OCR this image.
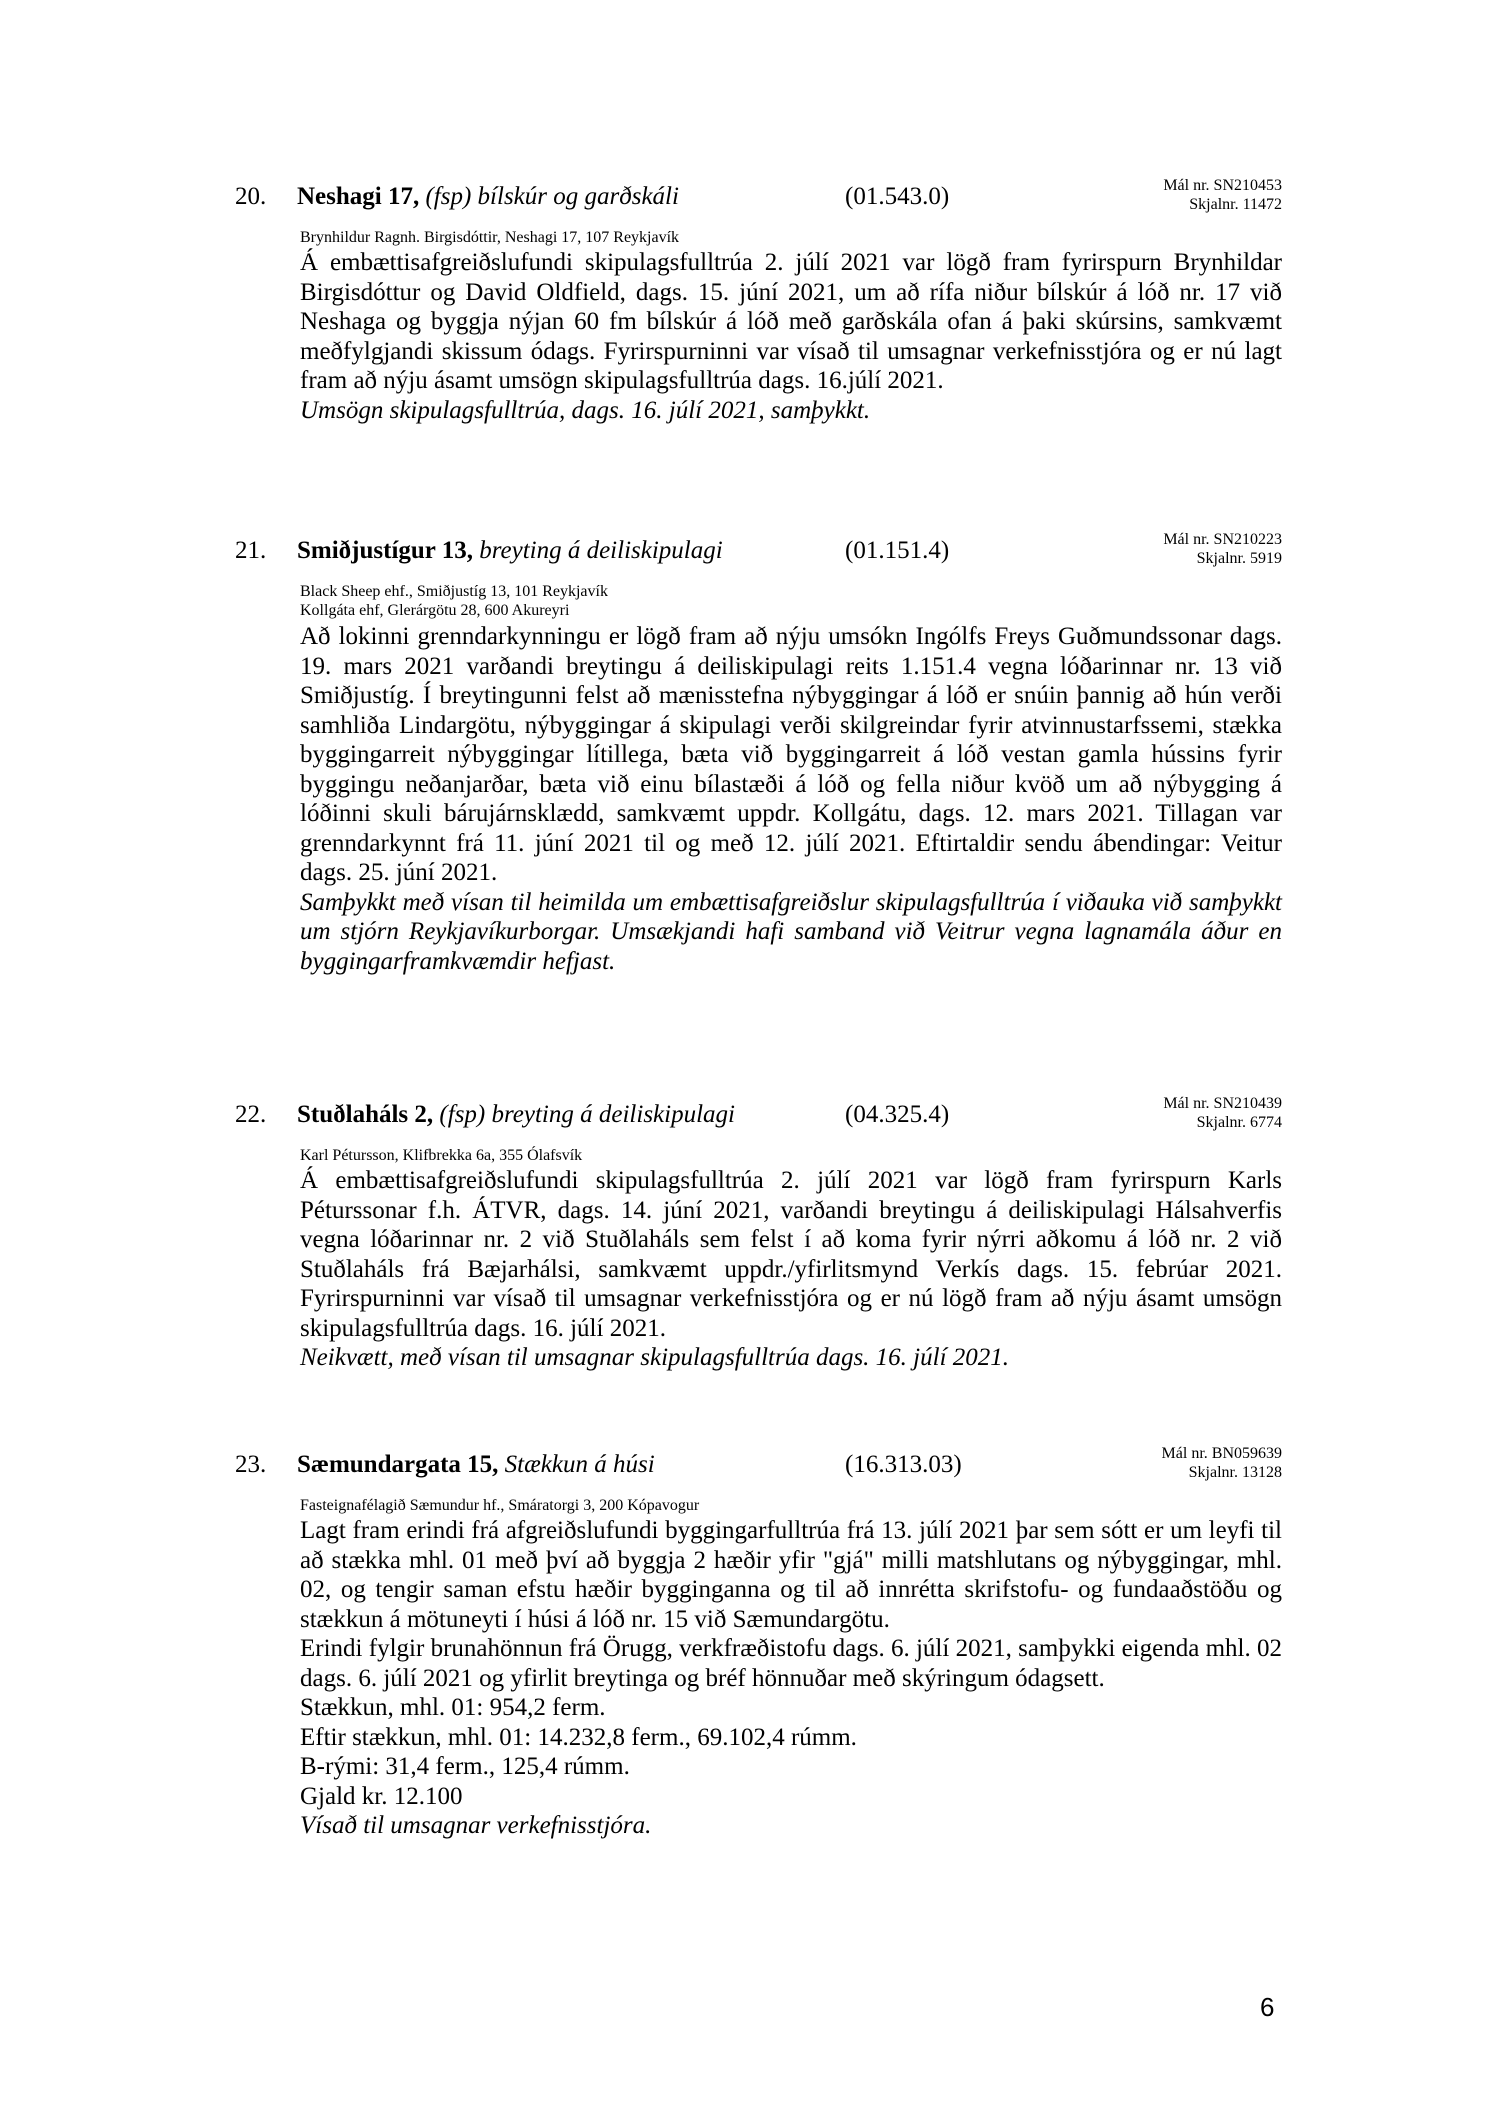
20. Neshagi 17, (fsp) bílskúr og garðskáli	(01.543.0)	Mál nr. SN210453
Skjalnr. 11472
Brynhildur Ragnh. Birgisdóttir, Neshagi 17, 107 Reykjavík

Á embættisafgreiðslufundi skipulagsfulltrúa 2. júlí 2021 var lögð fram fyrirspurn Brynhildar Birgisdóttur og David Oldfield, dags. 15. júní 2021, um að rífa niður bílskúr á lóð nr. 17 við Neshaga og byggja nýjan 60 fm bílskúr á lóð með garðskála ofan á þaki skúrsins, samkvæmt meðfylgjandi skissum ódags. Fyrirspurninni var vísað til umsagnar verkefnisstjóra og er nú lagt fram að nýju ásamt umsögn skipulagsfulltrúa dags. 16.júlí 2021.

Umsögn skipulagsfulltrúa, dags. 16. júlí 2021, samþykkt.

21. Smiðjustígur 13, breyting á deiliskipulagi	(01.151.4)	Mál nr. SN210223
Skjalnr. 5919
Black Sheep ehf., Smiðjustíg 13, 101 Reykjavík
Kollgáta ehf, Glerárgötu 28, 600 Akureyri

Að lokinni grenndarkynningu er lögð fram að nýju umsókn Ingólfs Freys Guðmundssonar dags. 19. mars 2021 varðandi breytingu á deiliskipulagi reits 1.151.4 vegna lóðarinnar nr. 13 við Smiðjustíg. Í breytingunni felst að mænisstefna nýbyggingar á lóð er snúin þannig að hún verði samhliða Lindargötu, nýbyggingar á skipulagi verði skilgreindar fyrir atvinnustarfssemi, stækka byggingarreit nýbyggingar lítillega, bæta við byggingarreit á lóð vestan gamla hússins fyrir byggingu neðanjarðar, bæta við einu bílastæði á lóð og fella niður kvöð um að nýbygging á lóðinni skuli bárujárnsklædd, samkvæmt uppdr. Kollgátu, dags. 12. mars 2021. Tillagan var grenndarkynnt frá 11. júní 2021 til og með 12. júlí 2021. Eftirtaldir sendu ábendingar: Veitur dags. 25. júní 2021.

Samþykkt með vísan til heimilda um embættisafgreiðslur skipulagsfulltrúa í viðauka við samþykkt um stjórn Reykjavíkurborgar. Umsækjandi hafi samband við Veitrur vegna lagnamála áður en byggingarframkvæmdir hefjast.

22. Stuðlaháls 2, (fsp) breyting á deiliskipulagi	(04.325.4)	Mál nr. SN210439
Skjalnr. 6774
Karl Pétursson, Klifbrekka 6a, 355 Ólafsvík

Á embættisafgreiðslufundi skipulagsfulltrúa 2. júlí 2021 var lögð fram fyrirspurn Karls Péturssonar f.h. ÁTVR, dags. 14. júní 2021, varðandi breytingu á deiliskipulagi Hálsahverfis vegna lóðarinnar nr. 2 við Stuðlaháls sem felst í að koma fyrir nýrri aðkomu á lóð nr. 2 við Stuðlaháls frá Bæjarhálsi, samkvæmt uppdr./yfirlitsmynd Verkís dags. 15. febrúar 2021. Fyrirspurninni var vísað til umsagnar verkefnisstjóra og er nú lögð fram að nýju ásamt umsögn skipulagsfulltrúa dags. 16. júlí 2021.

Neikvætt, með vísan til umsagnar skipulagsfulltrúa dags. 16. júlí 2021.

23. Sæmundargata 15, Stækkun á húsi	(16.313.03)	Mál nr. BN059639
Skjalnr. 13128
Fasteignafélagið Sæmundur hf., Smáratorgi 3, 200 Kópavogur

Lagt fram erindi frá afgreiðslufundi byggingarfulltrúa frá 13. júlí 2021 þar sem sótt er um leyfi til að stækka mhl. 01 með því að byggja 2 hæðir yfir "gjá" milli matshlutans og nýbyggingar, mhl. 02, og tengir saman efstu hæðir bygginganna og til að innrétta skrifstofu- og fundaaðstöðu og stækkun á mötuneyti í húsi á lóð nr. 15 við Sæmundargötu.

Erindi fylgir brunahönnun frá Örugg, verkfræðistofu dags. 6. júlí 2021, samþykki eigenda mhl. 02 dags. 6. júlí 2021 og yfirlit breytinga og bréf hönnuðar með skýringum ódagsett.

Stækkun, mhl. 01: 954,2 ferm.

Eftir stækkun, mhl. 01: 14.232,8 ferm., 69.102,4 rúmm.

B-rými: 31,4 ferm., 125,4 rúmm.

Gjald kr. 12.100

Vísað til umsagnar verkefnisstjóra.

6
